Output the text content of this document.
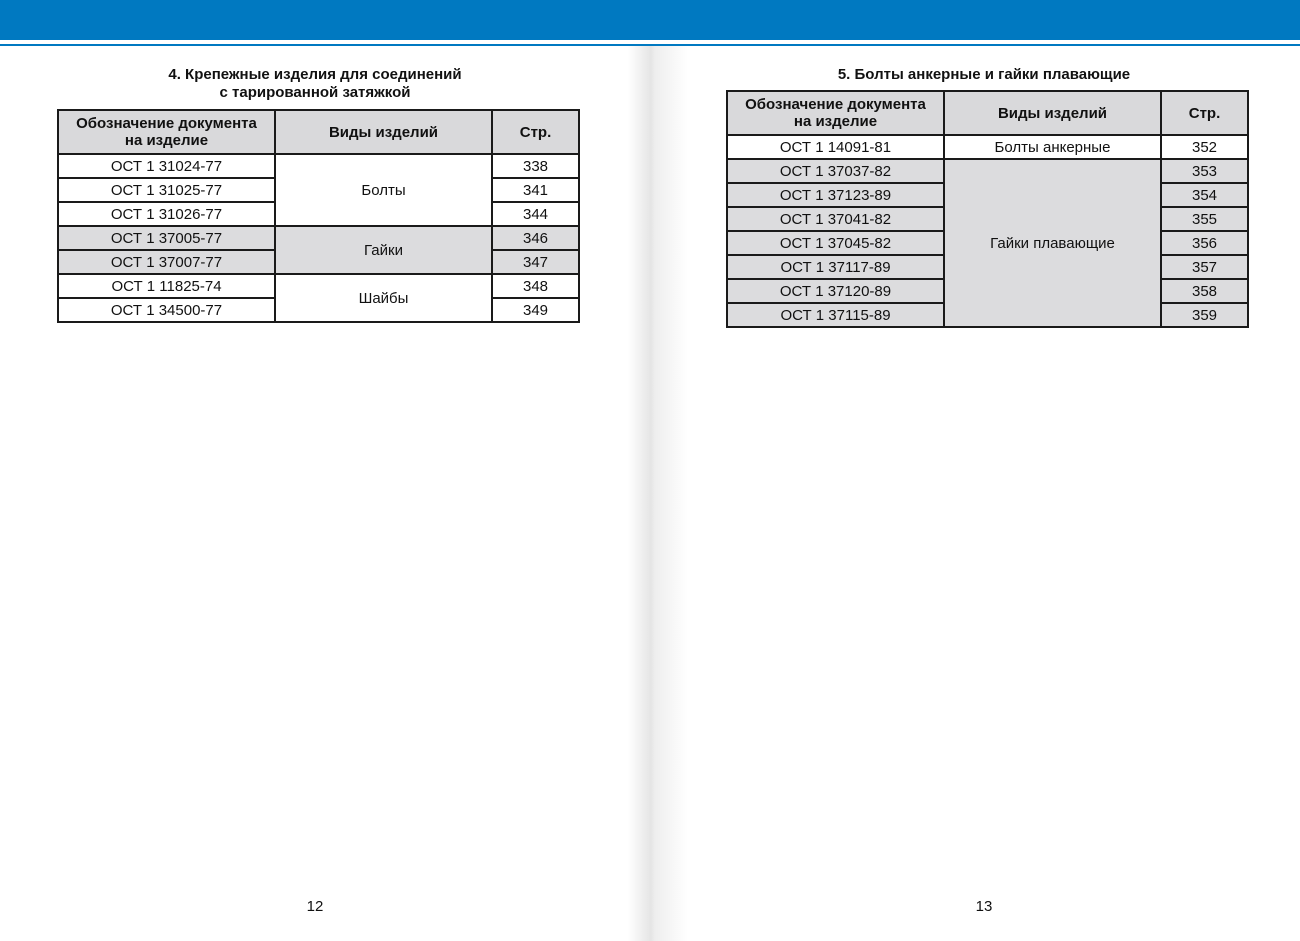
4. Крепежные изделия для соединений
с тарированной затяжкой
Обозначение документа
на изделие	Виды изделий	Стр.
ОСТ 1 31024-77	Болты	338
ОСТ 1 31025-77		341
ОСТ 1 31026-77		344
ОСТ 1 37005-77	Гайки	346
ОСТ 1 37007-77		347
ОСТ 1 11825-74	Шайбы	348
ОСТ 1 34500-77		349
12
5. Болты анкерные и гайки плавающие
Обозначение документа
на изделие	Виды изделий	Стр.
ОСТ 1 14091-81	Болты анкерные	352
ОСТ 1 37037-82	Гайки плавающие	353
ОСТ 1 37123-89		354
ОСТ 1 37041-82		355
ОСТ 1 37045-82		356
ОСТ 1 37117-89		357
ОСТ 1 37120-89		358
ОСТ 1 37115-89		359
13
